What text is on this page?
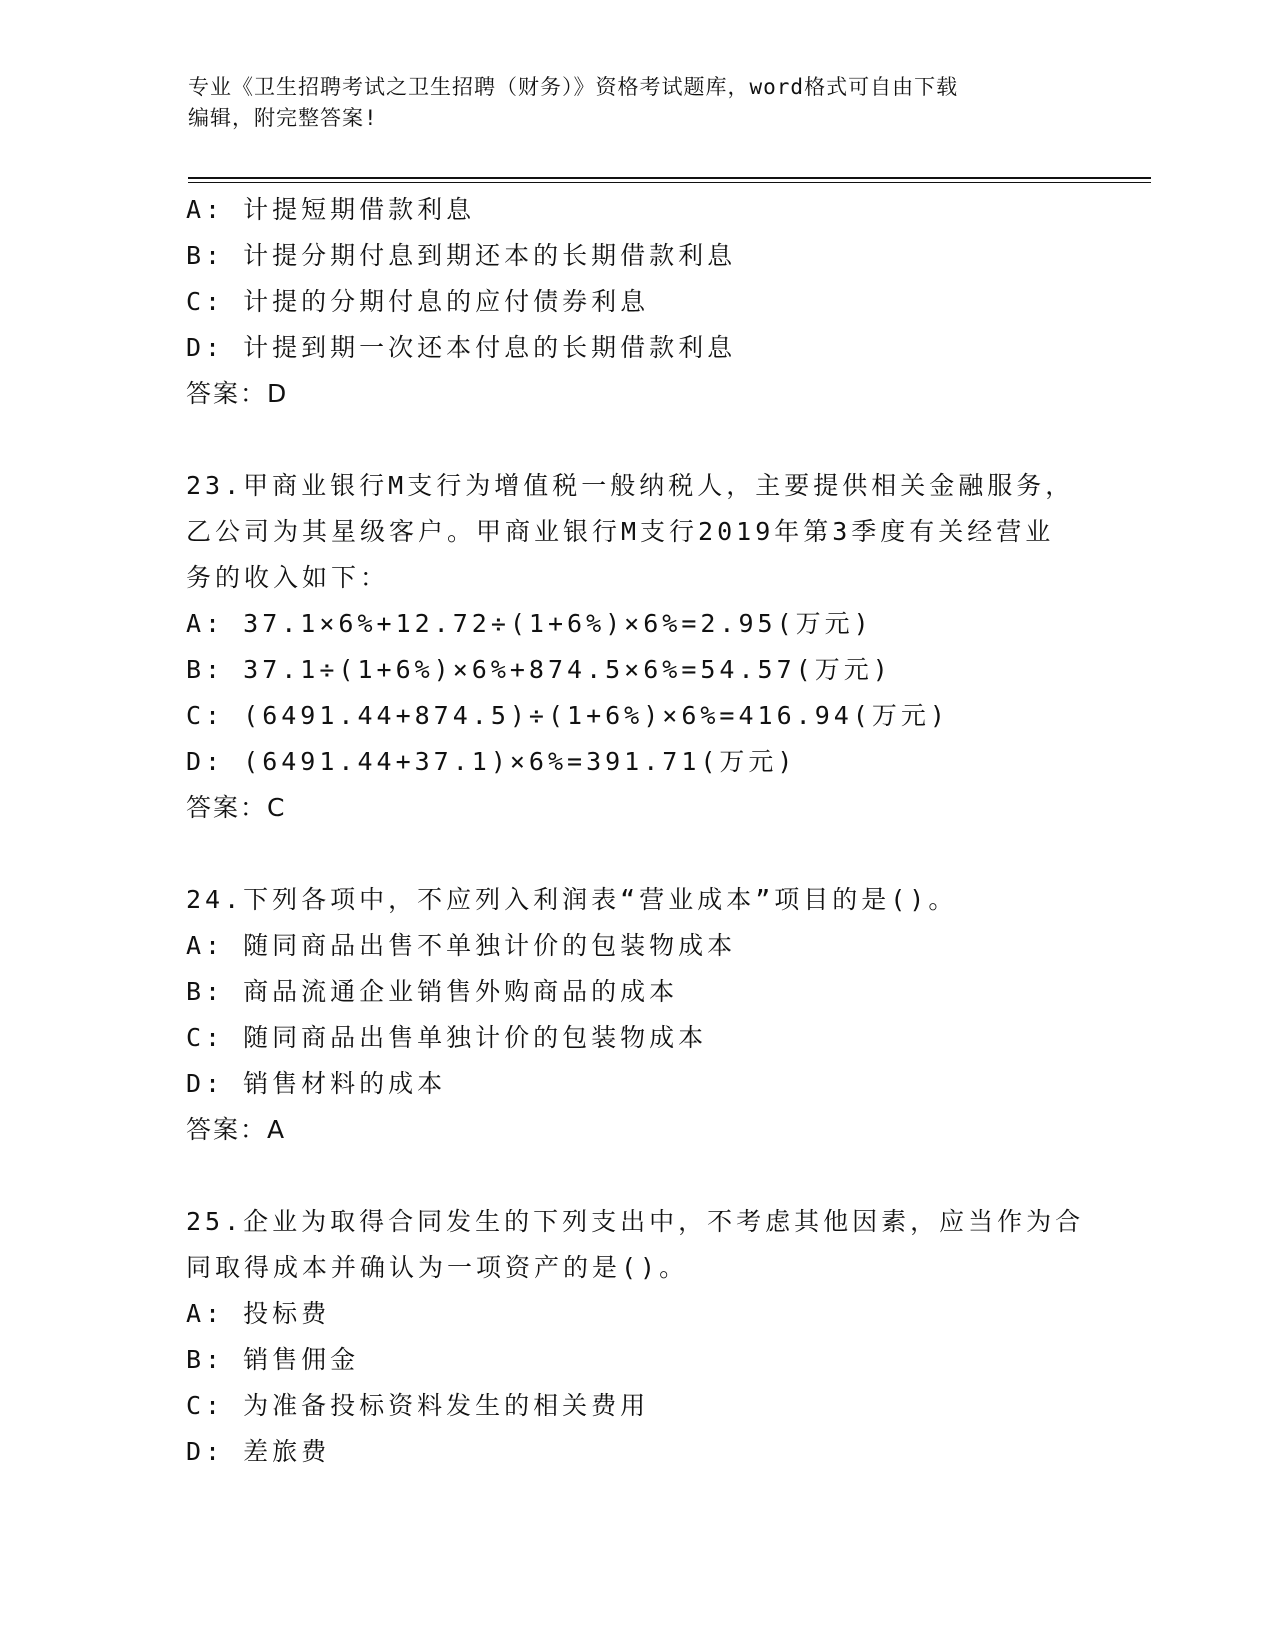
专业《卫生招聘考试之卫生招聘（财务）》资格考试题库，word格式可自由下载
编辑，附完整答案!
A: 计提短期借款利息
B: 计提分期付息到期还本的长期借款利息
C: 计提的分期付息的应付债券利息
D: 计提到期一次还本付息的长期借款利息
答案：D
23.甲商业银行M支行为增值税一般纳税人，主要提供相关金融服务，
乙公司为其星级客户。甲商业银行M支行2019年第3季度有关经营业
务的收入如下：
A: 37.1×6%+12.72÷(1+6%)×6%=2.95(万元)
B: 37.1÷(1+6%)×6%+874.5×6%=54.57(万元)
C: (6491.44+874.5)÷(1+6%)×6%=416.94(万元)
D: (6491.44+37.1)×6%=391.71(万元)
答案：C
24.下列各项中，不应列入利润表“营业成本”项目的是()。
A: 随同商品出售不单独计价的包装物成本
B: 商品流通企业销售外购商品的成本
C: 随同商品出售单独计价的包装物成本
D: 销售材料的成本
答案：A
25.企业为取得合同发生的下列支出中，不考虑其他因素，应当作为合
同取得成本并确认为一项资产的是()。
A: 投标费
B: 销售佣金
C: 为准备投标资料发生的相关费用
D: 差旅费
